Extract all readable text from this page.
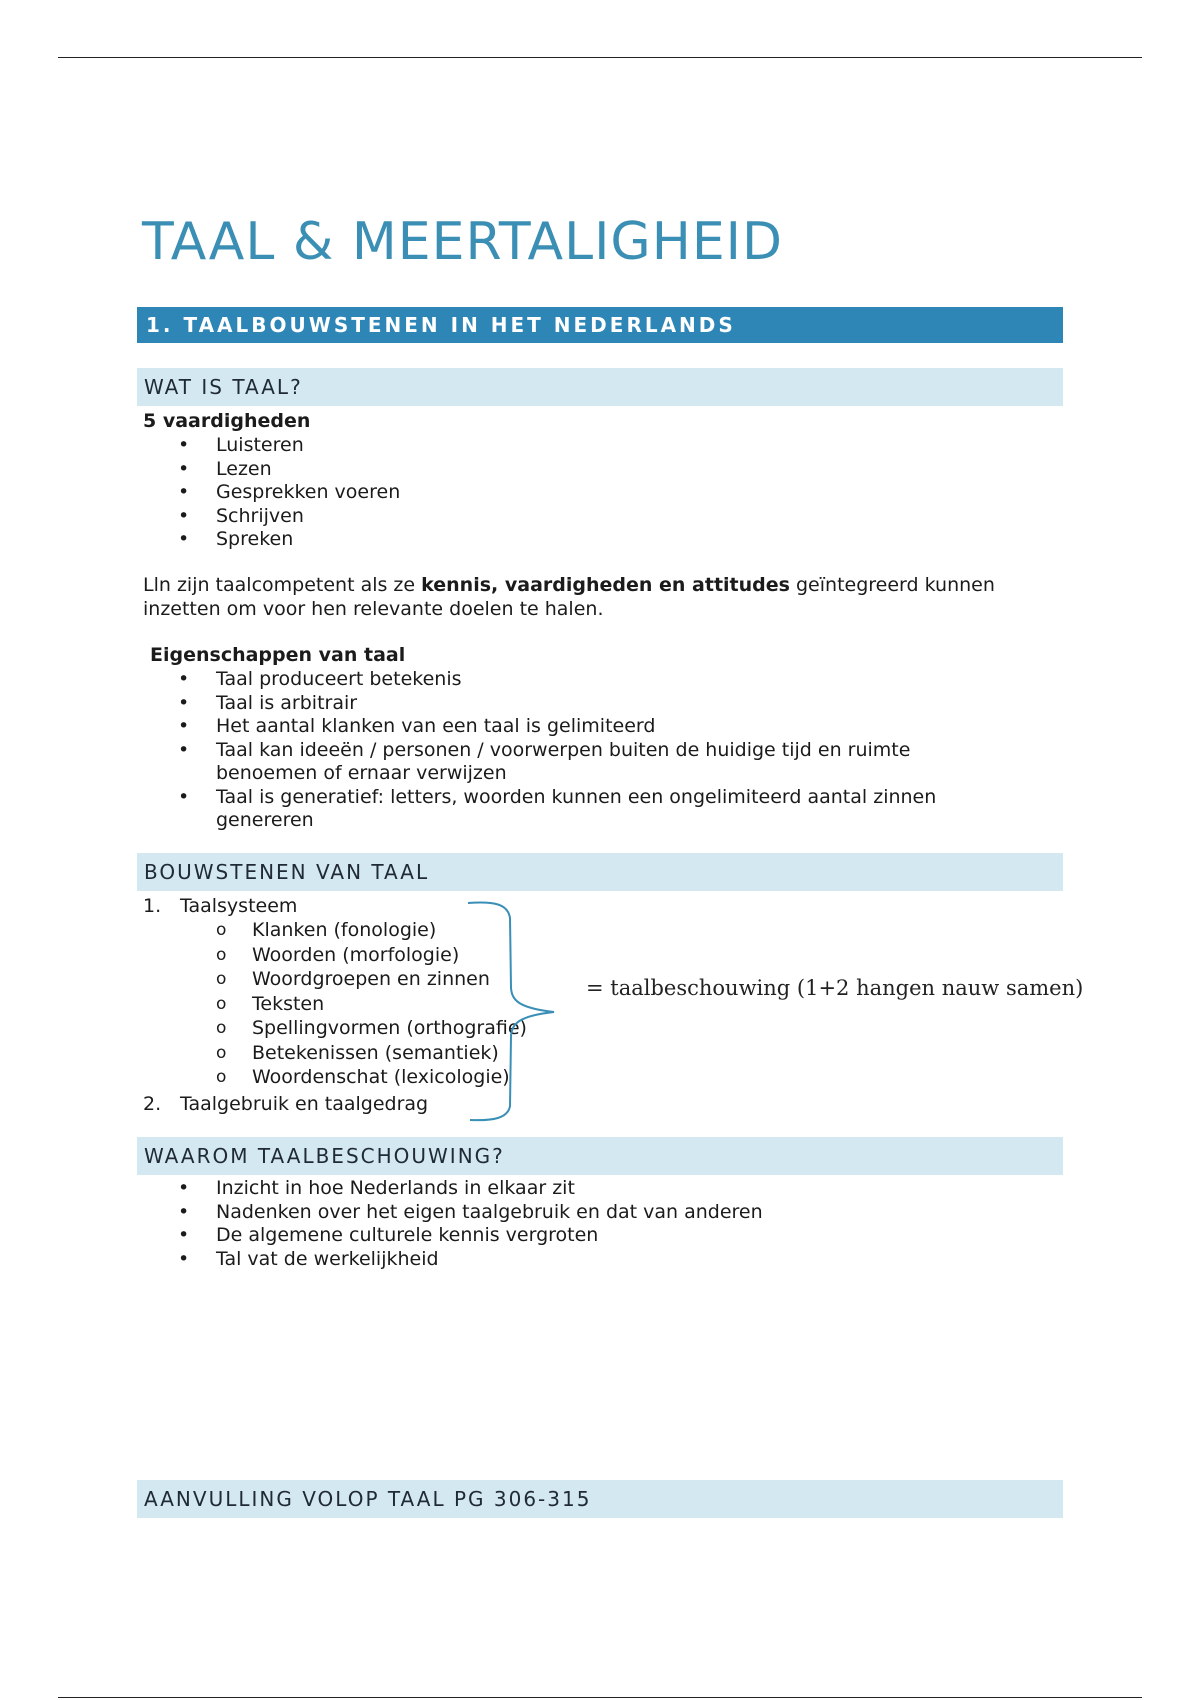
TAAL & MEERTALIGHEID
1. TAALBOUWSTENEN IN HET NEDERLANDS
WAT IS TAAL?
5 vaardigheden
• Luisteren
• Lezen
• Gesprekken voeren
• Schrijven
• Spreken
Lln zijn taalcompetent als ze kennis, vaardigheden en attitudes geïntegreerd kunnen inzetten om voor hen relevante doelen te halen.
Eigenschappen van taal
• Taal produceert betekenis
• Taal is arbitrair
• Het aantal klanken van een taal is gelimiteerd
• Taal kan ideeën / personen / voorwerpen buiten de huidige tijd en ruimte benoemen of ernaar verwijzen
• Taal is generatief: letters, woorden kunnen een ongelimiteerd aantal zinnen genereren
BOUWSTENEN VAN TAAL
1. Taalsysteem
o Klanken (fonologie)
o Woorden (morfologie)
o Woordgroepen en zinnen
o Teksten
o Spellingvormen (orthografie)
o Betekenissen (semantiek)
o Woordenschat (lexicologie)
2. Taalgebruik en taalgedrag
= taalbeschouwing (1+2 hangen nauw samen)
WAAROM TAALBESCHOUWING?
• Inzicht in hoe Nederlands in elkaar zit
• Nadenken over het eigen taalgebruik en dat van anderen
• De algemene culturele kennis vergroten
• Tal vat de werkelijkheid
AANVULLING VOLOP TAAL PG 306-315
